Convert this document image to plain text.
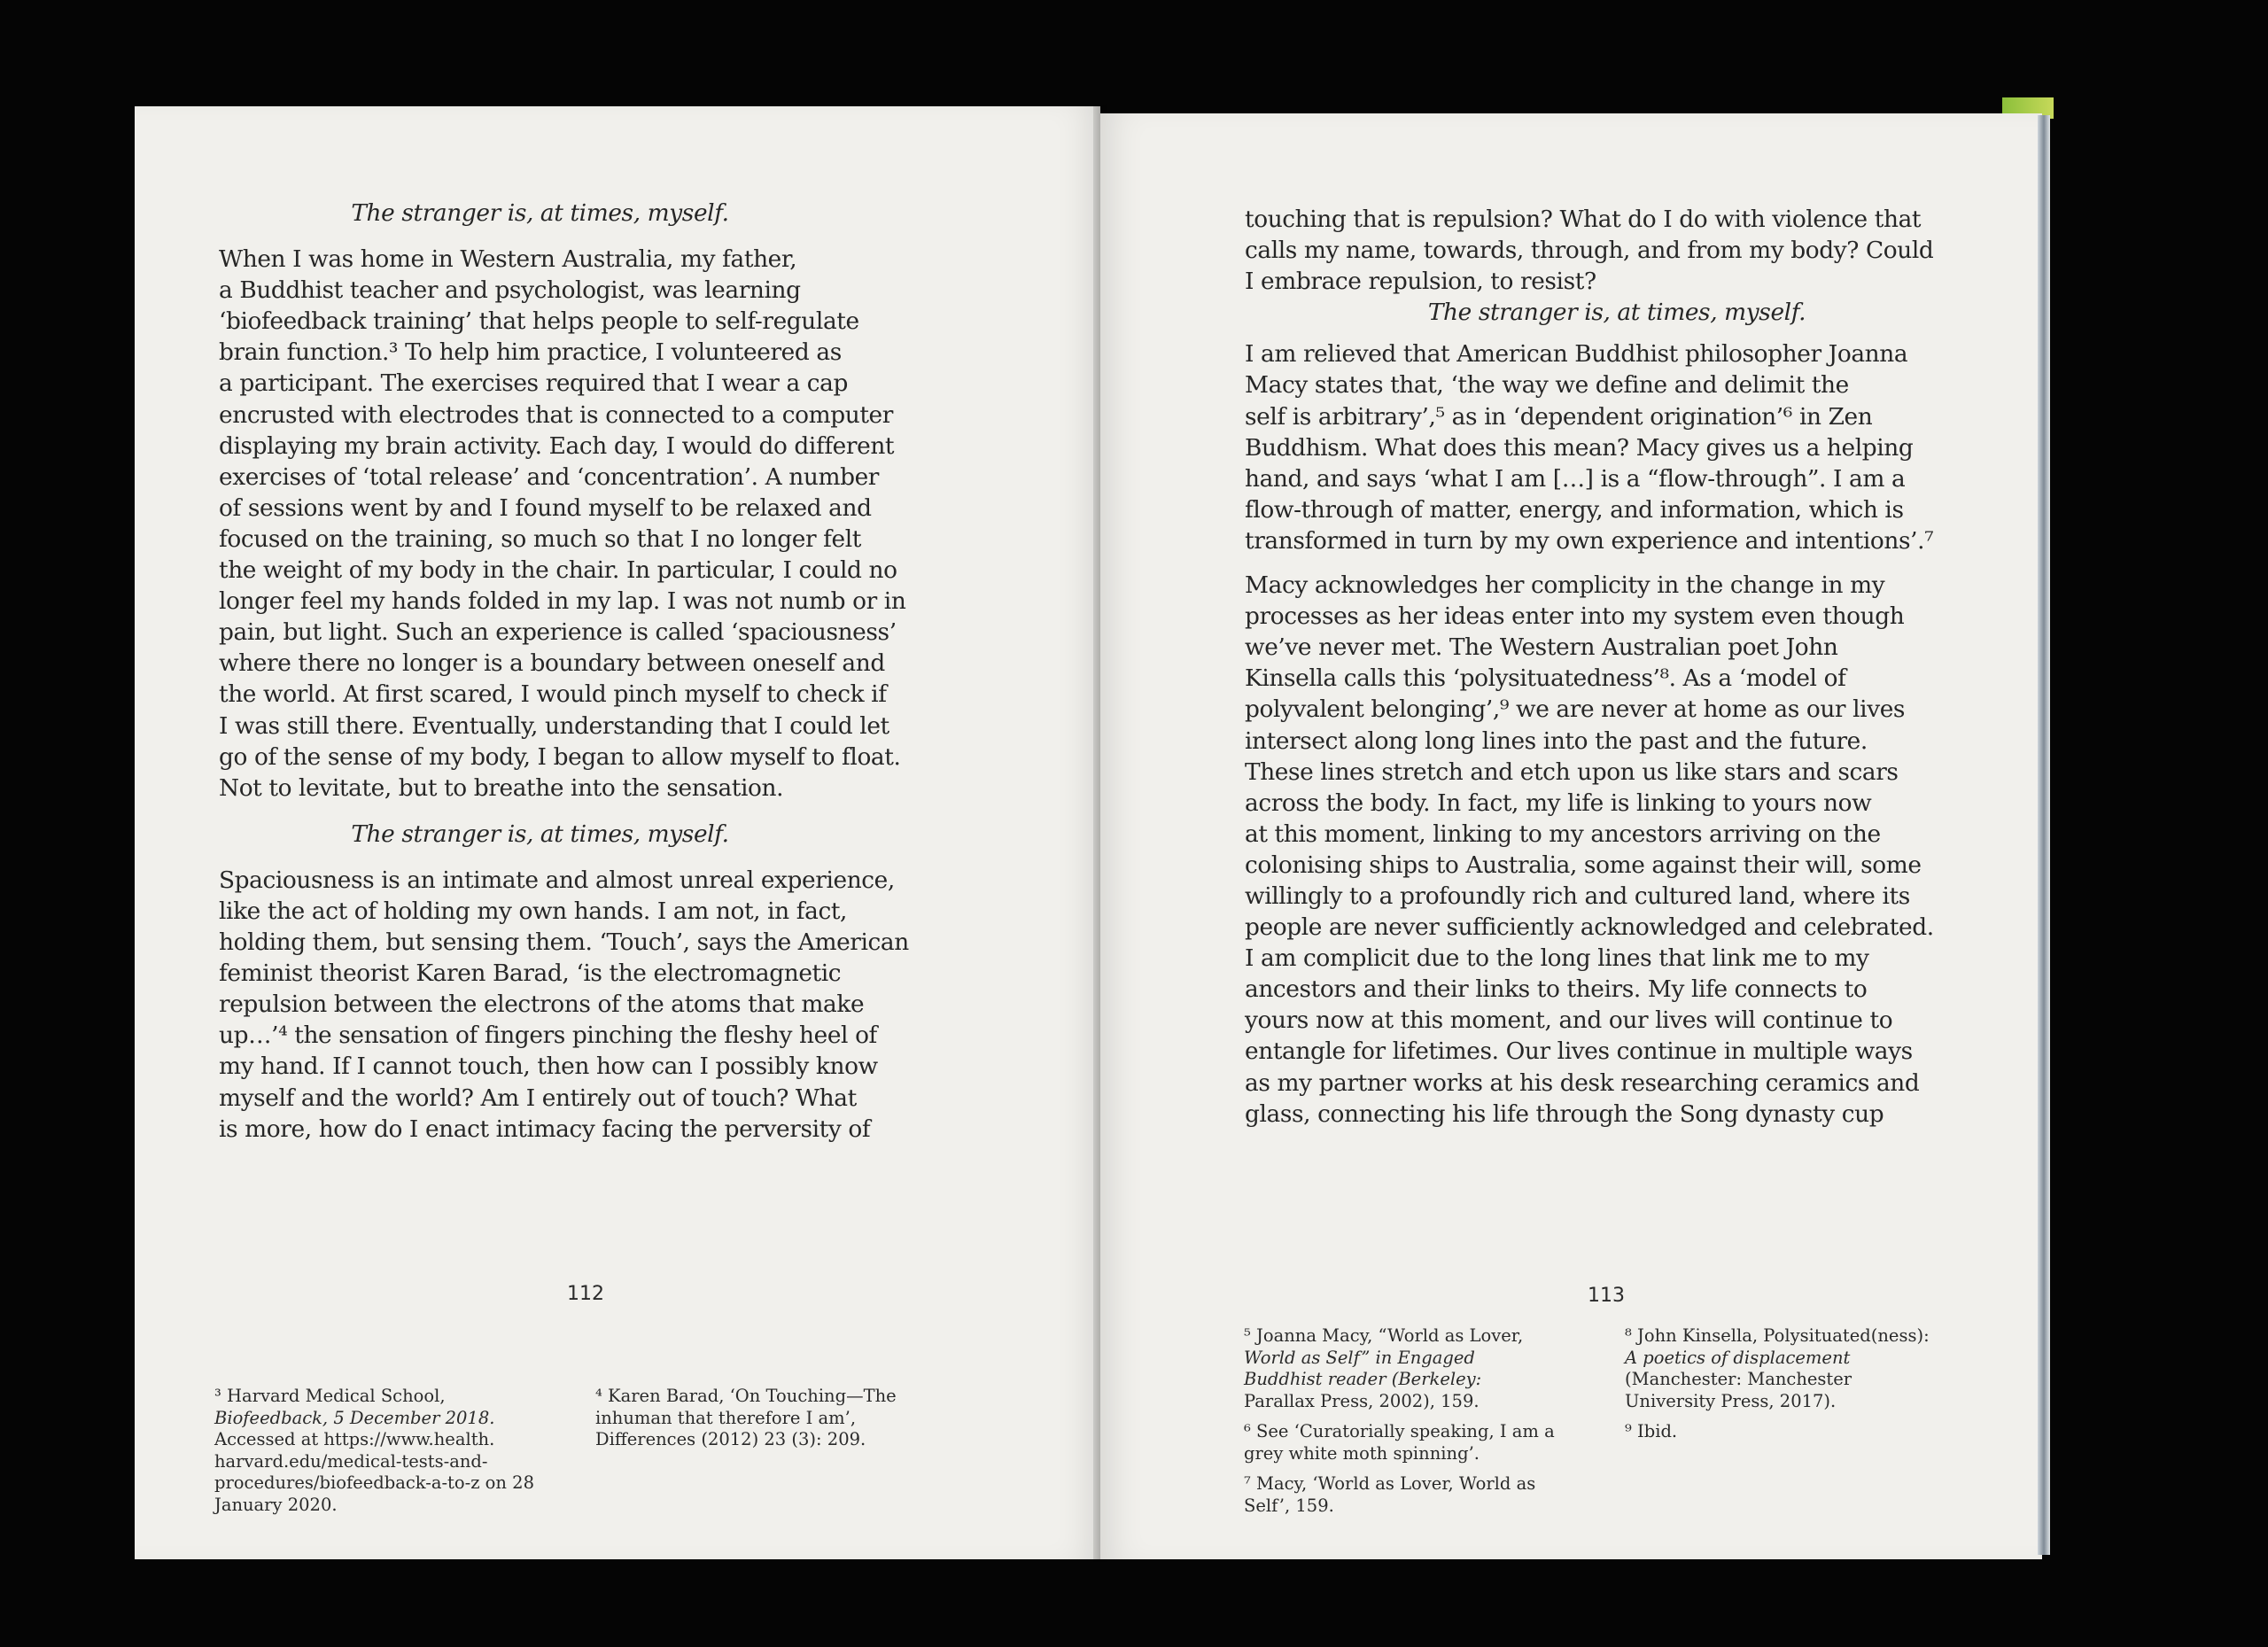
The stranger is, at times, myself.

When I was home in Western Australia, my father,

a Buddhist teacher and psychologist, was learning

‘biofeedback training’ that helps people to self-regulate

brain function.³ To help him practice, I volunteered as

a participant. The exercises required that I wear a cap

encrusted with electrodes that is connected to a computer

displaying my brain activity. Each day, I would do different

exercises of ‘total release’ and ‘concentration’. A number

of sessions went by and I found myself to be relaxed and

focused on the training, so much so that I no longer felt

the weight of my body in the chair. In particular, I could no

longer feel my hands folded in my lap. I was not numb or in

pain, but light. Such an experience is called ‘spaciousness’

where there no longer is a boundary between oneself and

the world. At first scared, I would pinch myself to check if

I was still there. Eventually, understanding that I could let

go of the sense of my body, I began to allow myself to float.

Not to levitate, but to breathe into the sensation.

The stranger is, at times, myself.

Spaciousness is an intimate and almost unreal experience,

like the act of holding my own hands. I am not, in fact,

holding them, but sensing them. ‘Touch’, says the American

feminist theorist Karen Barad, ‘is the electromagnetic

repulsion between the electrons of the atoms that make

up…’⁴ the sensation of fingers pinching the fleshy heel of

my hand. If I cannot touch, then how can I possibly know

myself and the world? Am I entirely out of touch? What

is more, how do I enact intimacy facing the perversity of

112
³ Harvard Medical School,
Biofeedback, 5 December 2018.
Accessed at https://www.health.
harvard.edu/medical-tests-and-
procedures/biofeedback-a-to-z on 28
January 2020.
⁴ Karen Barad, ‘On Touching—The
inhuman that therefore I am’,
Differences (2012) 23 (3): 209.

touching that is repulsion? What do I do with violence that

calls my name, towards, through, and from my body? Could

I embrace repulsion, to resist?

The stranger is, at times, myself.

I am relieved that American Buddhist philosopher Joanna

Macy states that, ‘the way we define and delimit the

self is arbitrary’,⁵ as in ‘dependent origination’⁶ in Zen

Buddhism. What does this mean? Macy gives us a helping

hand, and says ‘what I am […] is a “flow-through”. I am a

flow-through of matter, energy, and information, which is

transformed in turn by my own experience and intentions’.⁷

Macy acknowledges her complicity in the change in my

processes as her ideas enter into my system even though

we’ve never met. The Western Australian poet John

Kinsella calls this ‘polysituatedness’⁸. As a ‘model of

polyvalent belonging’,⁹ we are never at home as our lives

intersect along long lines into the past and the future.

These lines stretch and etch upon us like stars and scars

across the body. In fact, my life is linking to yours now

at this moment, linking to my ancestors arriving on the

colonising ships to Australia, some against their will, some

willingly to a profoundly rich and cultured land, where its

people are never sufficiently acknowledged and celebrated.

I am complicit due to the long lines that link me to my

ancestors and their links to theirs. My life connects to

yours now at this moment, and our lives will continue to

entangle for lifetimes. Our lives continue in multiple ways

as my partner works at his desk researching ceramics and

glass, connecting his life through the Song dynasty cup

113
⁵ Joanna Macy, “World as Lover,
World as Self” in Engaged
Buddhist reader (Berkeley:
Parallax Press, 2002), 159.
⁶ See ‘Curatorially speaking, I am a
grey white moth spinning’.
⁷ Macy, ‘World as Lover, World as
Self’, 159.
⁸ John Kinsella, Polysituated(ness):
A poetics of displacement
(Manchester: Manchester
University Press, 2017).
⁹ Ibid.
